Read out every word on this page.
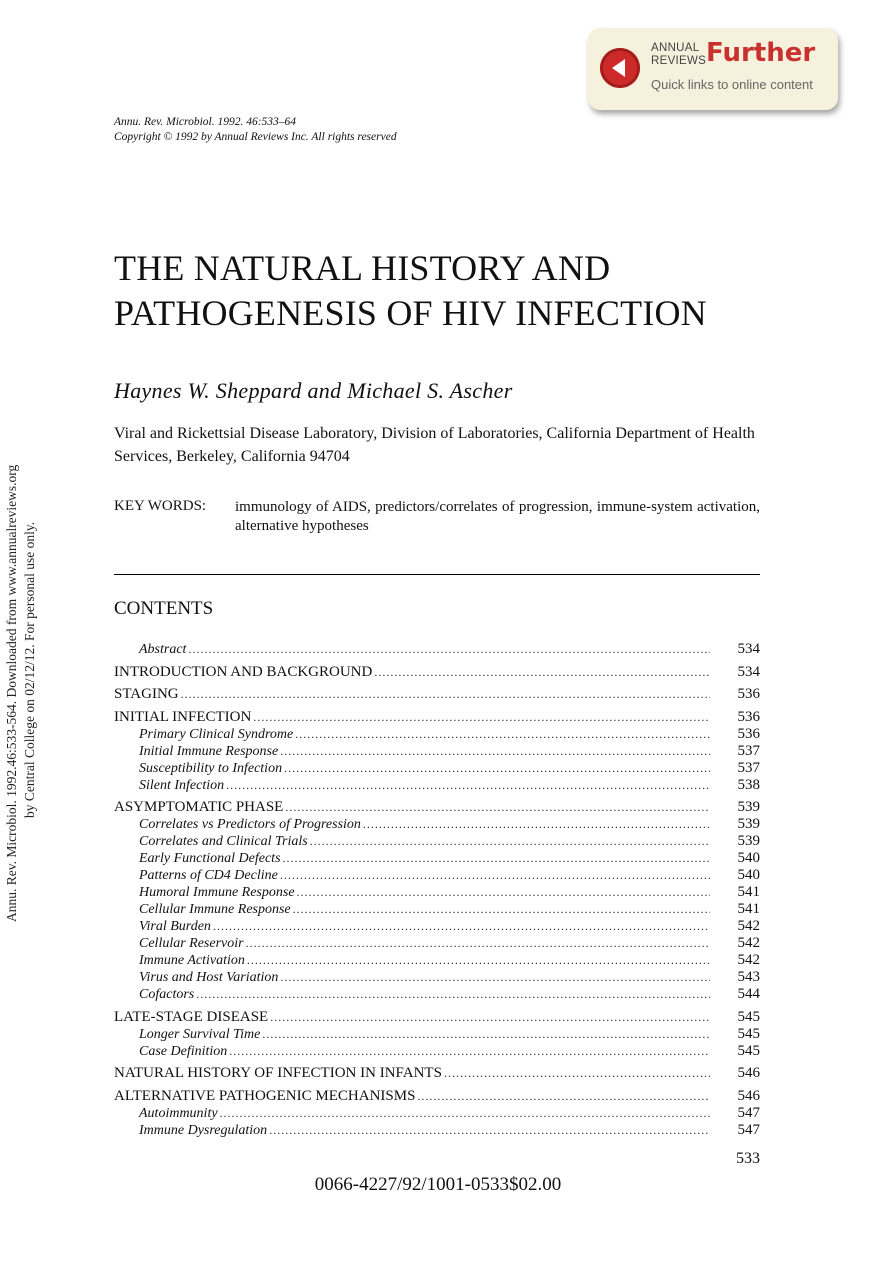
ANNUAL
REVIEWS Further
Quick links to online content
Annu. Rev. Microbiol. 1992.46:533-564. Downloaded from www.annualreviews.org by Central College on 02/12/12. For personal use only.
Annu. Rev. Microbiol. 1992. 46:533–64
Copyright © 1992 by Annual Reviews Inc. All rights reserved
THE NATURAL HISTORY AND
PATHOGENESIS OF HIV INFECTION
Haynes W. Sheppard and Michael S. Ascher
Viral and Rickettsial Disease Laboratory, Division of Laboratories, California Department of Health Services, Berkeley, California 94704
KEY WORDS: immunology of AIDS, predictors/correlates of progression, immune-system activation, alternative hypotheses
CONTENTS
Abstract .....	534
INTRODUCTION AND BACKGROUND .....	534
STAGING .....	536
INITIAL INFECTION .....	536
Primary Clinical Syndrome .....	536
Initial Immune Response .....	537
Susceptibility to Infection .....	537
Silent Infection .....	538
ASYMPTOMATIC PHASE .....	539
Correlates vs Predictors of Progression .....	539
Correlates and Clinical Trials .....	539
Early Functional Defects .....	540
Patterns of CD4 Decline .....	540
Humoral Immune Response .....	541
Cellular Immune Response .....	541
Viral Burden .....	542
Cellular Reservoir .....	542
Immune Activation .....	542
Virus and Host Variation .....	543
Cofactors .....	544
LATE-STAGE DISEASE .....	545
Longer Survival Time .....	545
Case Definition .....	545
NATURAL HISTORY OF INFECTION IN INFANTS .....	546
ALTERNATIVE PATHOGENIC MECHANISMS .....	546
Autoimmunity .....	547
Immune Dysregulation .....	547
533
0066-4227/92/1001-0533$02.00
